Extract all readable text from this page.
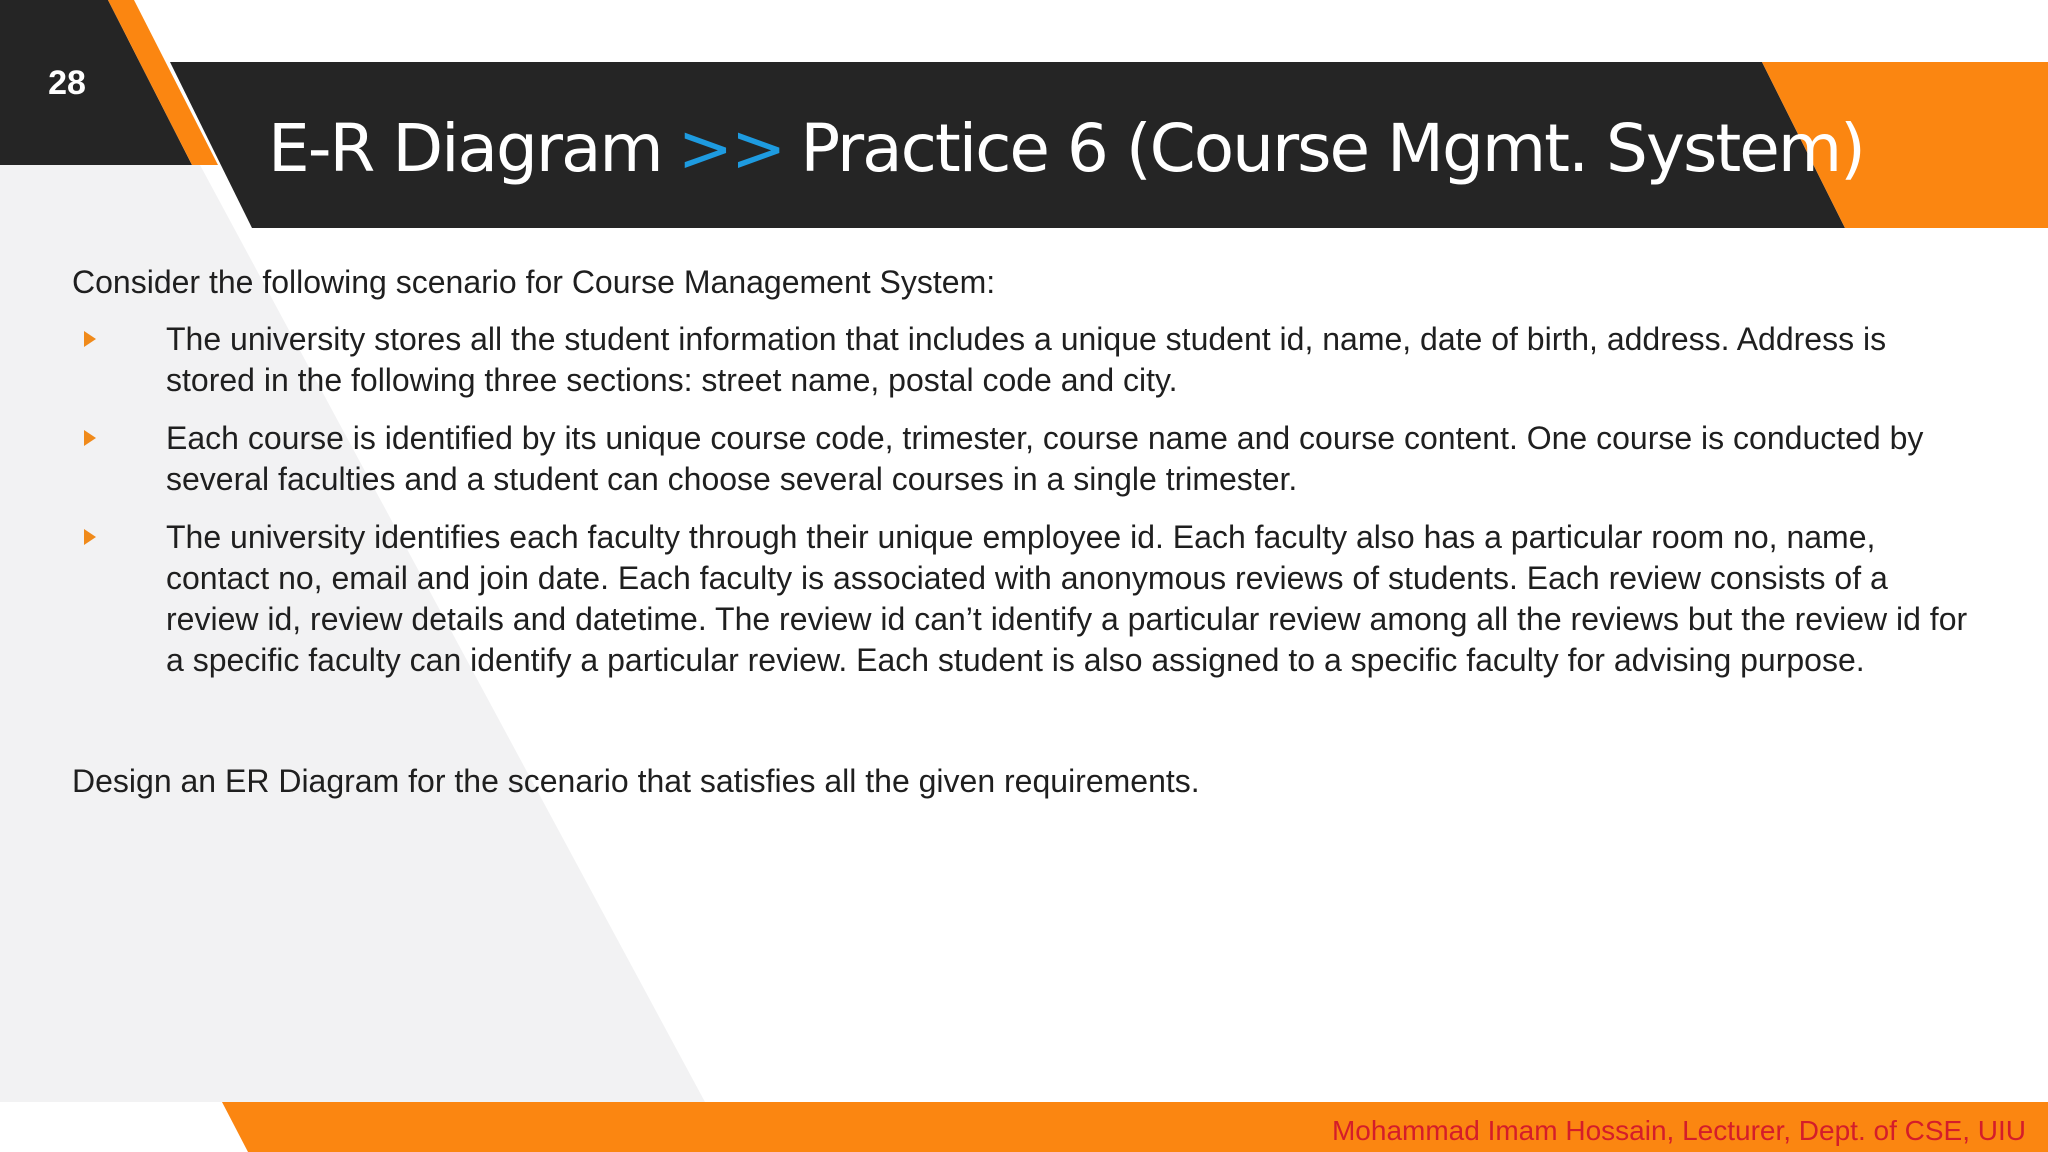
28
E-R Diagram >> Practice 6 (Course Mgmt. System)
Consider the following scenario for Course Management System:
The university stores all the student information that includes a unique student id, name, date of birth, address. Address is stored in the following three sections: street name, postal code and city.
Each course is identified by its unique course code, trimester, course name and course content. One course is conducted by several faculties and a student can choose several courses in a single trimester.
The university identifies each faculty through their unique employee id. Each faculty also has a particular room no, name, contact no, email and join date. Each faculty is associated with anonymous reviews of students. Each review consists of a review id, review details and datetime. The review id can’t identify a particular review among all the reviews but the review id for a specific faculty can identify a particular review. Each student is also assigned to a specific faculty for advising purpose.
Design an ER Diagram for the scenario that satisfies all the given requirements.
Mohammad Imam Hossain, Lecturer, Dept. of CSE, UIU
